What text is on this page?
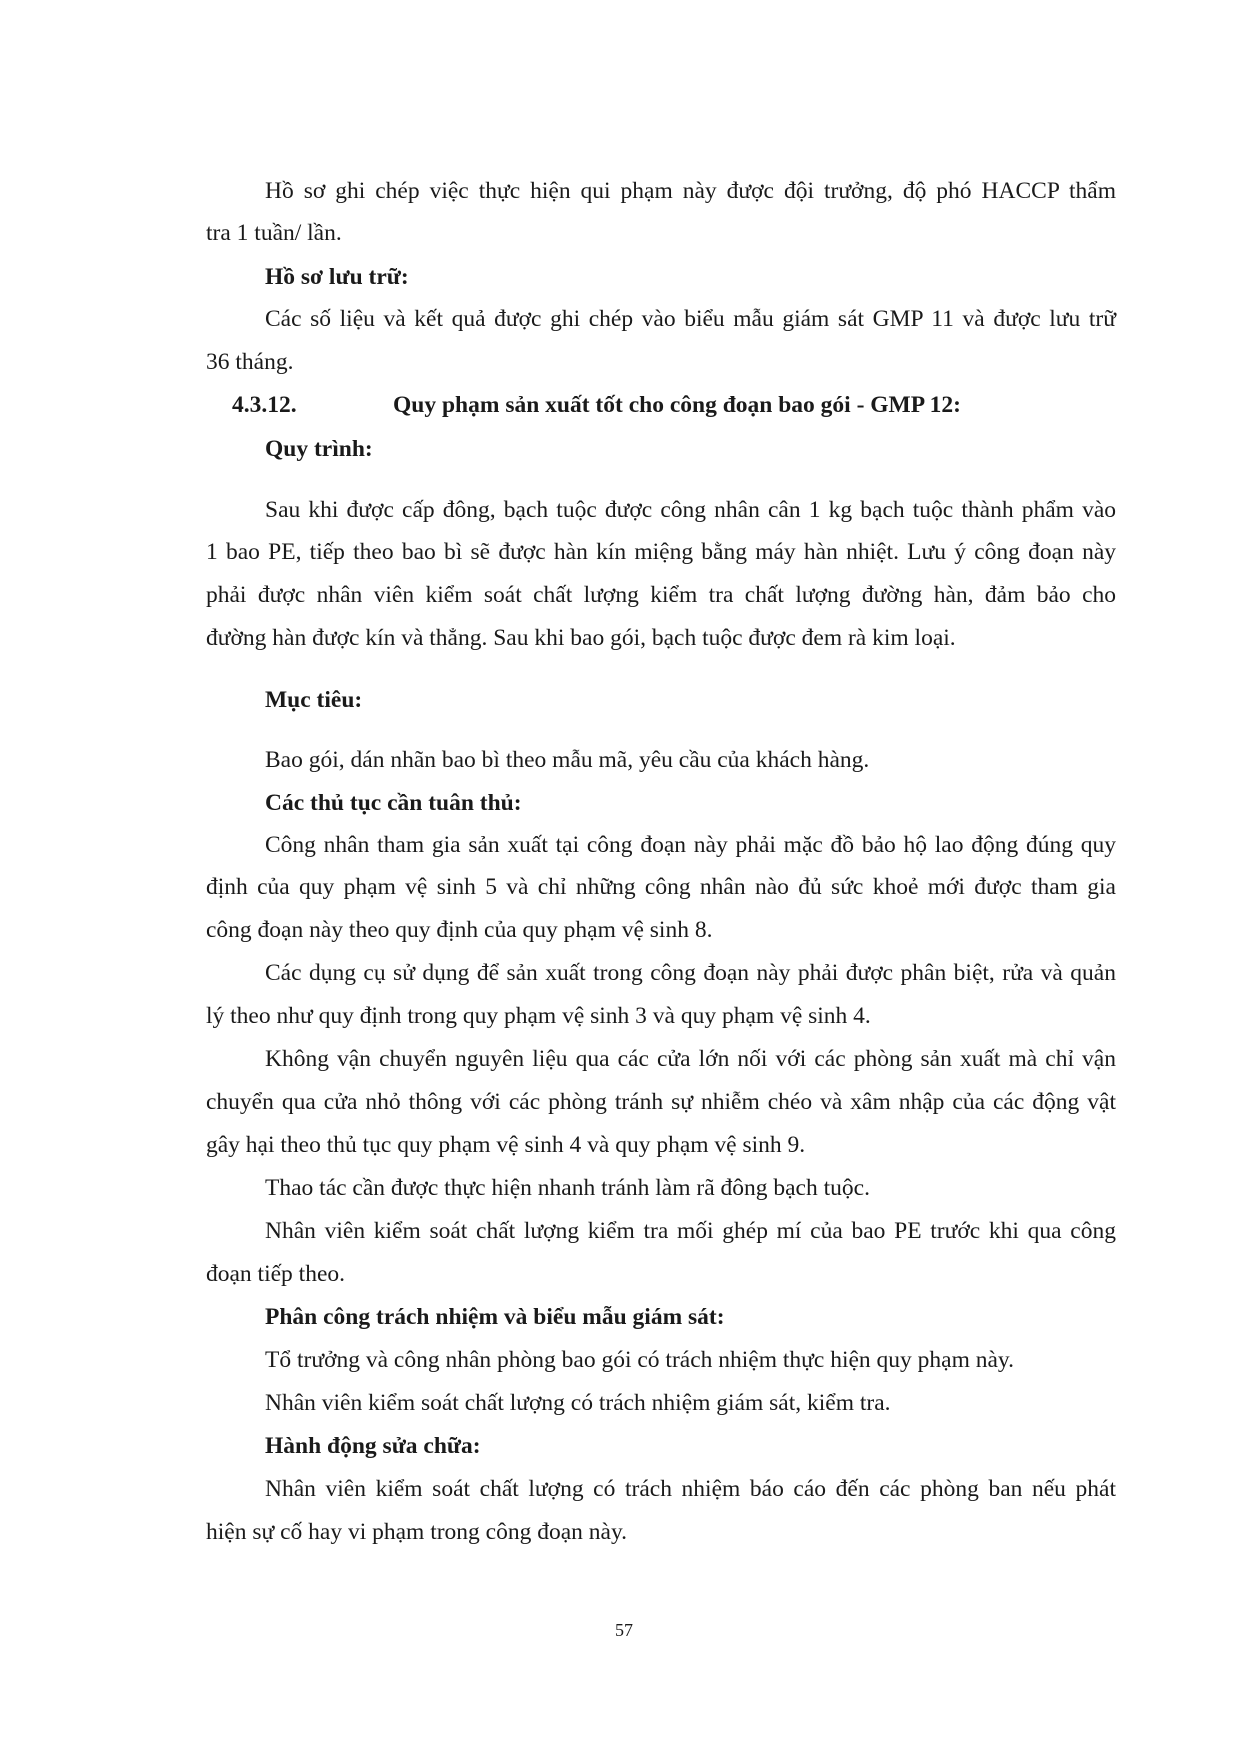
Hồ sơ ghi chép việc thực hiện qui phạm này được đội trưởng, độ phó HACCP thẩm
tra 1 tuần/ lần.
Hồ sơ lưu trữ:
Các số liệu và kết quả được ghi chép vào biểu mẫu giám sát GMP 11 và được lưu trữ
36 tháng.
4.3.12.	Quy phạm sản xuất tốt cho công đoạn bao gói - GMP 12:
Quy trình:
Sau khi được cấp đông, bạch tuộc được công nhân cân 1 kg bạch tuộc thành phẩm vào
1 bao PE, tiếp theo bao bì sẽ được hàn kín miệng bằng máy hàn nhiệt. Lưu ý công đoạn này
phải được nhân viên kiểm soát chất lượng kiểm tra chất lượng đường hàn, đảm bảo cho
đường hàn được kín và thẳng. Sau khi bao gói, bạch tuộc được đem rà kim loại.
Mục tiêu:
Bao gói, dán nhãn bao bì theo mẫu mã, yêu cầu của khách hàng.
Các thủ tục cần tuân thủ:
Công nhân tham gia sản xuất tại công đoạn này phải mặc đồ bảo hộ lao động đúng quy
định của quy phạm vệ sinh 5 và chỉ những công nhân nào đủ sức khoẻ mới được tham gia
công đoạn này theo quy định của quy phạm vệ sinh 8.
Các dụng cụ sử dụng để sản xuất trong công đoạn này phải được phân biệt, rửa và quản
lý theo như quy định trong quy phạm vệ sinh 3 và quy phạm vệ sinh 4.
Không vận chuyển nguyên liệu qua các cửa lớn nối với các phòng sản xuất mà chỉ vận
chuyển qua cửa nhỏ thông với các phòng tránh sự nhiễm chéo và xâm nhập của các động vật
gây hại theo thủ tục quy phạm vệ sinh 4 và quy phạm vệ sinh 9.
Thao tác cần được thực hiện nhanh tránh làm rã đông bạch tuộc.
Nhân viên kiểm soát chất lượng kiểm tra mối ghép mí của bao PE trước khi qua công
đoạn tiếp theo.
Phân công trách nhiệm và biểu mẫu giám sát:
Tổ trưởng và công nhân phòng bao gói có trách nhiệm thực hiện quy phạm này.
Nhân viên kiểm soát chất lượng có trách nhiệm giám sát, kiểm tra.
Hành động sửa chữa:
Nhân viên kiểm soát chất lượng có trách nhiệm báo cáo đến các phòng ban nếu phát
hiện sự cố hay vi phạm trong công đoạn này.
57
